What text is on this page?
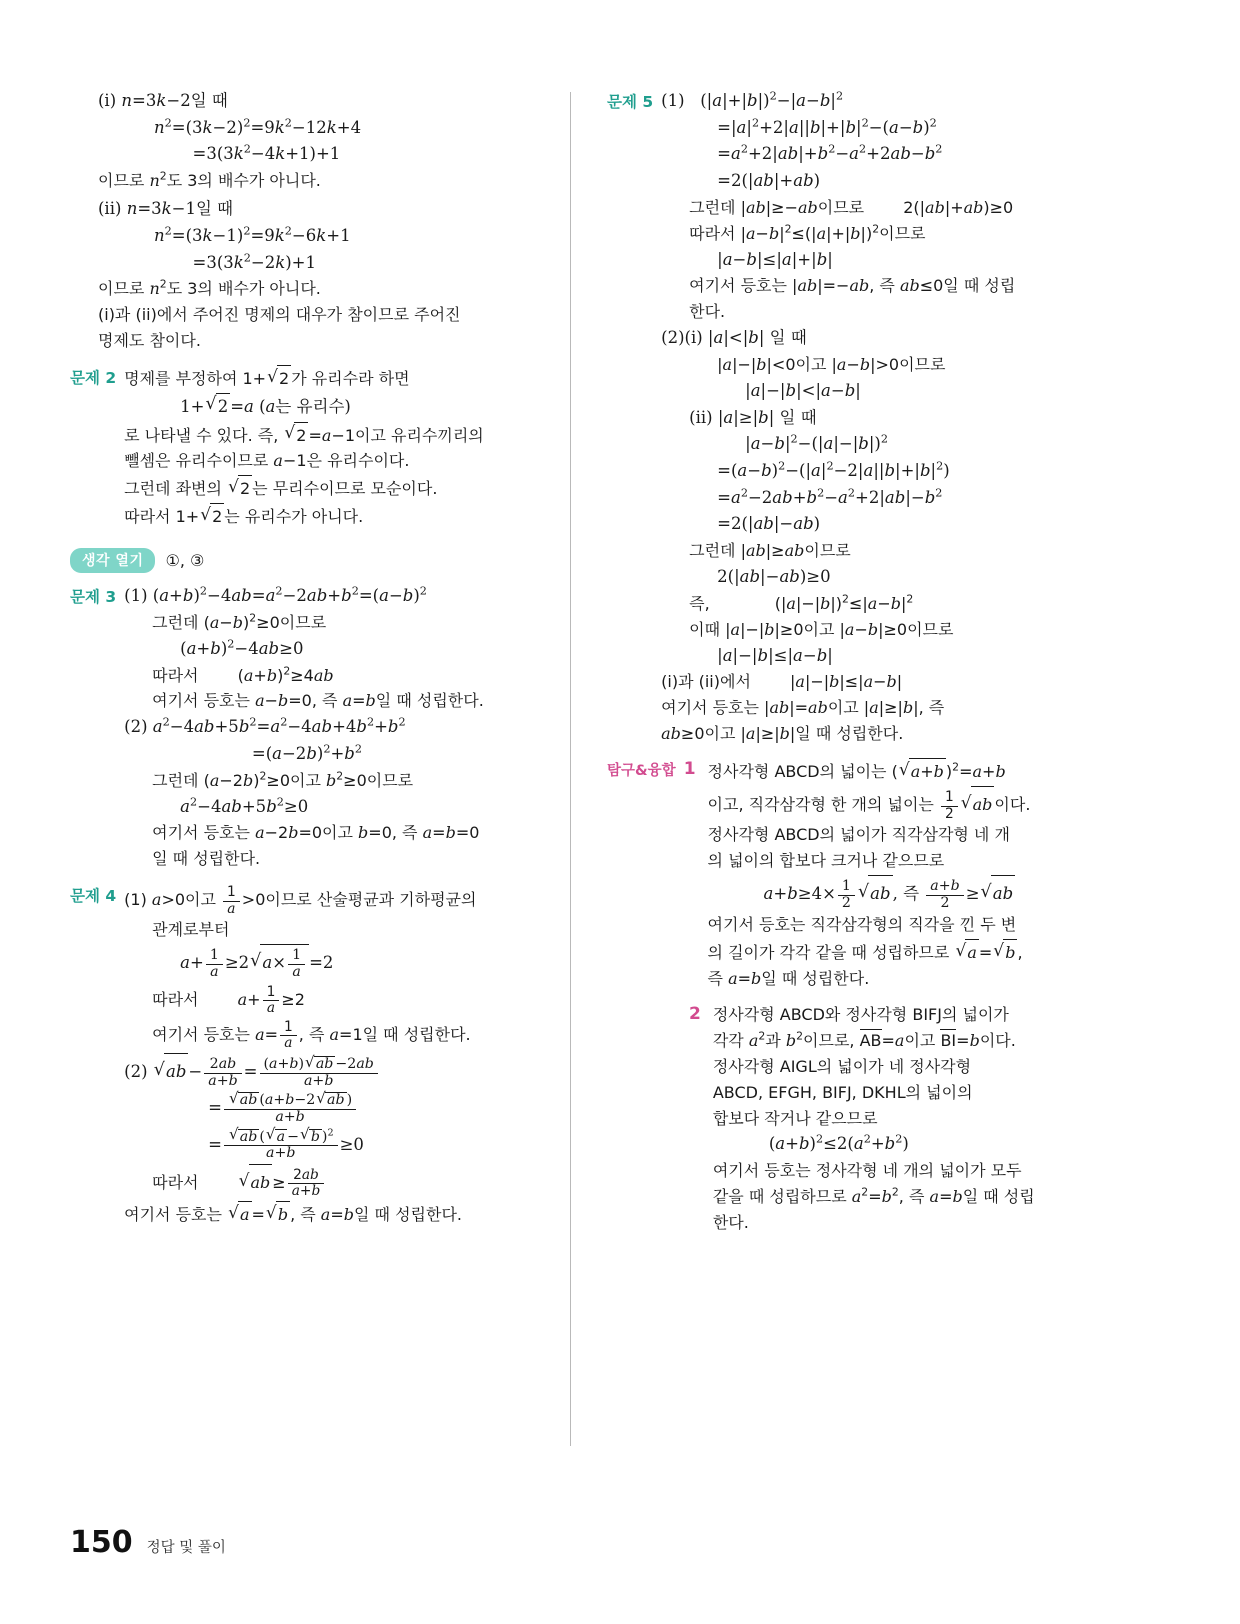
(i) n=3k−2일 때
$n^2=(3k-2)^2=9k^2-12k+4$
$=3(3k^2-4k+1)+1$
이므로 $n^2$도 3의 배수가 아니다.
(ii) n=3k−1일 때
$n^2=(3k-1)^2=9k^2-6k+1$
$=3(3k^2-2k)+1$
이므로 $n^2$도 3의 배수가 아니다.
(i)과 (ii)에서 주어진 명제의 대우가 참이므로 주어진
명제도 참이다.
문제 2 명제를 부정하여 1+ √ 2 가 유리수라 하면
1+ √ 2 =a (a는 유리수)
로 나타낼 수 있다. 즉, √ 2 =a−1이고 유리수끼리의
뺄셈은 유리수이므로 a−1은 유리수이다.
그런데 좌변의 √ 2 는 무리수이므로 모순이다.
따라서 1+ √ 2 는 유리수가 아니다.
생각 열기	①, ③
문제 3 (1) $(a+b)^2-4ab=a^2-2ab+b^2=(a-b)^2$
그런데 $(a-b)^2\ge 0$이므로
$(a+b)^2-4ab\ge 0$
따라서 $(a+b)^2\ge 4ab$
여기서 등호는 a−b=0, 즉 a=b일 때 성립한다.
(2) $a^2-4ab+5b^2=a^2-4ab+4b^2+b^2$
$=(a-2b)^2+b^2$
그런데 $(a-2b)^2\ge 0$이고 $b^2\ge 0$이므로
$a^2-4ab+5b^2\ge 0$
여기서 등호는 a−2b=0이고 b=0, 즉 a=b=0
일 때 성립한다.
문제 4 (1) a>0이고 $\frac{1}{a} >0$이므로 산술평균과 기하평균의
관계로부터
$a+ \frac{1}{a} \ge 2$ √ $a\times \frac{1}{a} =2$
따라서 $a+ \frac{1}{a} \ge 2$
여기서 등호는 $a= \frac{1}{a}$ , 즉 a=1일 때 성립한다.
(2) √ ab − $\frac{2ab}{a+b} = \frac{(a+b) √ ab -2ab}{a+b}$
= √ $\frac{ab (a+b-2 √ ab )}{a+b}$
= √ $\frac{ab ( √ a - √ b )^2}{a+b} \ge 0$
따라서	√ ab ≥ $\frac{2ab}{a+b}$
여기서 등호는 √ a = √ b , 즉 a=b일 때 성립한다.
문제 5 (1)   $(|a|+|b|)^2-|a-b|^2$
$=|a|^2+2|a||b|+|b|^2-(a-b)^2$
$=a^2+2|ab|+b^2-a^2+2ab-b^2$
=2(|ab|+ab)
그런데 |ab|≥−ab이므로 2(|ab|+ab)≥0
따라서 $|a-b|^2\le(|a|+|b|)^2$이므로
|a−b|≤|a|+|b|
여기서 등호는 |ab|=−ab, 즉 ab≤0일 때 성립
한다.
(2)(i) |a|<|b| 일 때
|a|−|b|<0이고 |a−b|>0이므로
|a|−|b|<|a−b|
(ii) |a|≥|b| 일 때
$|a-b|^2-(|a|-|b|)^2$
$=(a-b)^2-(|a|^2-2|a||b|+|b|^2)$
$=a^2-2ab+b^2-a^2+2|ab|-b^2$
=2(|ab|−ab)
그런데 |ab|≥ab이므로
2(|ab|−ab)≥0
즉,	$(|a|-|b|)^2\le|a-b|^2$
이때 |a|−|b|≥0이고 |a−b|≥0이므로
|a|−|b|≤|a−b|
(i)과 (ii)에서 |a|−|b|≤|a−b|
여기서 등호는 |ab|=ab이고 |a|≥|b|, 즉
ab≥0이고 |a|≥|b|일 때 성립한다.
탐구&융합 1 정사각형 ABCD의 넓이는 ( √ a+b )$^2$=a+b
이고, 직각삼각형 한 개의 넓이는 $\frac{1}{2}$ √ ab 이다.
정사각형 ABCD의 넓이가 직각삼각형 네 개
의 넓이의 합보다 크거나 같으므로
$a+b\ge 4\times \frac{1}{2}$ √ ab , 즉 $\frac{a+b}{2}$ ≥ √ ab
여기서 등호는 직각삼각형의 직각을 낀 두 변
의 길이가 각각 같을 때 성립하므로 √ a = √ b ,
즉 a=b일 때 성립한다.
2 정사각형 ABCD와 정사각형 BIFJ의 넓이가
각각 $a^2$과 $b^2$이므로, AB=a이고 BI=b이다.
정사각형 AIGL의 넓이가 네 정사각형
ABCD, EFGH, BIFJ, DKHL의 넓이의
합보다 작거나 같으므로
$(a+b)^2\le 2(a^2+b^2)$
여기서 등호는 정사각형 네 개의 넓이가 모두
같을 때 성립하므로 $a^2=b^2$, 즉 a=b일 때 성립
한다.
150 정답 및 풀이
